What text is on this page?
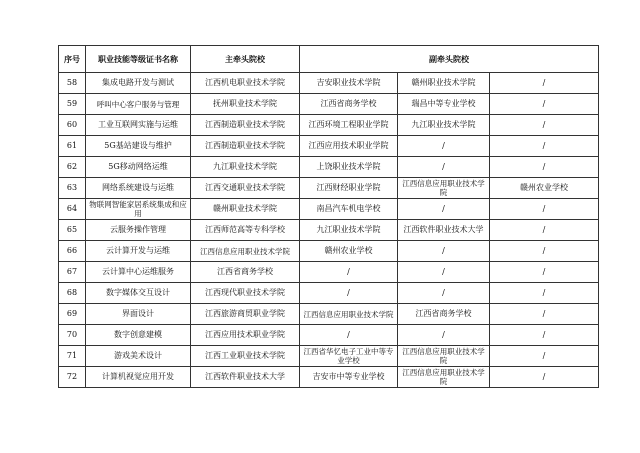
序号	职业技能等级证书名称	主牵头院校	副牵头院校		
58	集成电路开发与测试	江西机电职业技术学院	吉安职业技术学院	赣州职业技术学院	/
59	呼叫中心客户服务与管理	抚州职业技术学院	江西省商务学校	瑞昌中等专业学校	/
60	工业互联网实施与运维	江西制造职业技术学院	江西环境工程职业学院	九江职业技术学院	/
61	5G基站建设与维护	江西制造职业技术学院	江西应用技术职业学院	/	/
62	5G移动网络运维	九江职业技术学院	上饶职业技术学院	/	/
63	网络系统建设与运维	江西交通职业技术学院	江西财经职业学院	江西信息应用职业技术学院	赣州农业学校
64	物联网智能家居系统集成和应用	赣州职业技术学院	南昌汽车机电学校	/	/
65	云服务操作管理	江西师范高等专科学校	九江职业技术学院	江西软件职业技术大学	/
66	云计算开发与运维	江西信息应用职业技术学院	赣州农业学校	/	/
67	云计算中心运维服务	江西省商务学校	/	/	/
68	数字媒体交互设计	江西现代职业技术学院	/	/	/
69	界面设计	江西旅游商贸职业学院	江西信息应用职业技术学院	江西省商务学校	/
70	数字创意建模	江西应用技术职业学院	/	/	/
71	游戏美术设计	江西工业职业技术学院	江西省华忆电子工业中等专业学校	江西信息应用职业技术学院	/
72	计算机视觉应用开发	江西软件职业技术大学	吉安市中等专业学校	江西信息应用职业技术学院	/
